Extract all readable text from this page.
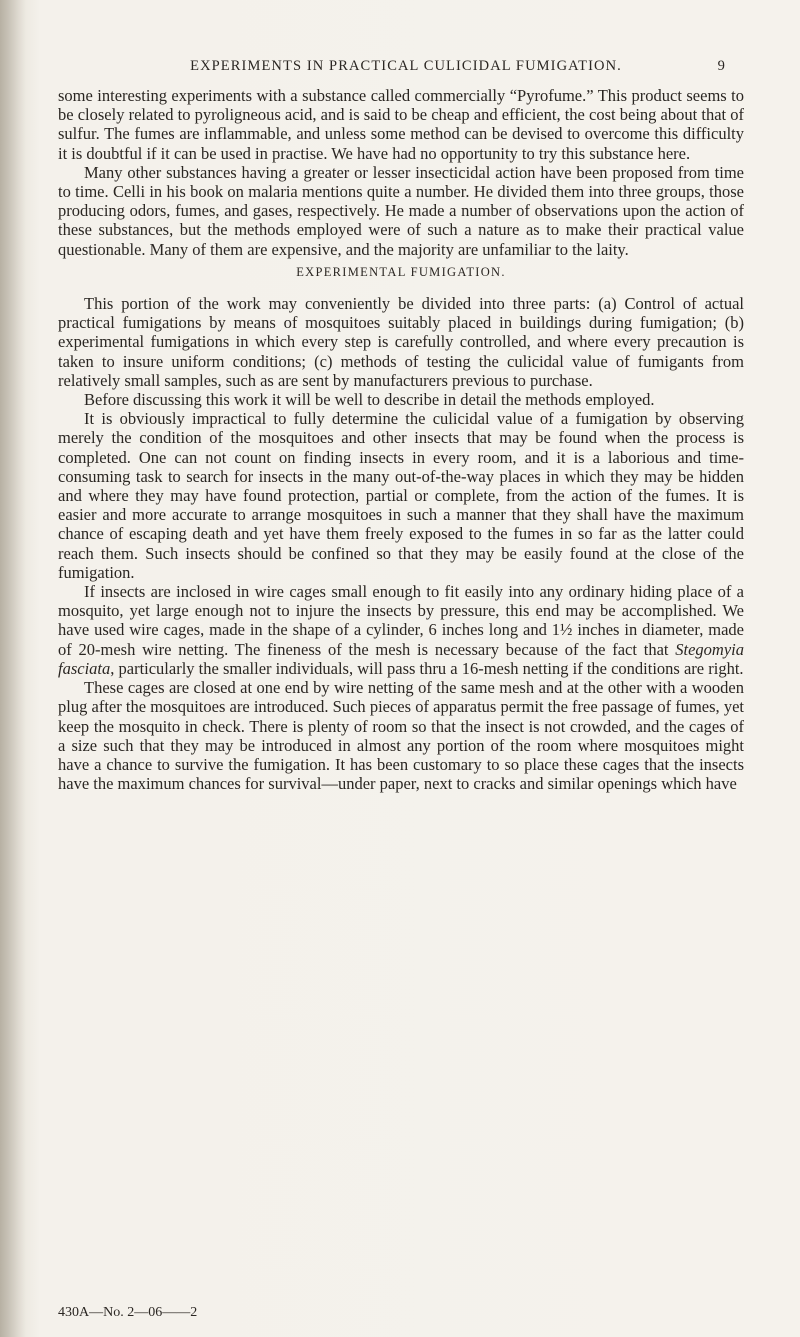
EXPERIMENTS IN PRACTICAL CULICIDAL FUMIGATION.	9

some interesting experiments with a substance called commercially “Pyrofume.” This product seems to be closely related to pyroligneous acid, and is said to be cheap and efficient, the cost being about that of sulfur. The fumes are inflammable, and unless some method can be devised to overcome this difficulty it is doubtful if it can be used in practise. We have had no opportunity to try this substance here.

Many other substances having a greater or lesser insecticidal action have been proposed from time to time. Celli in his book on malaria mentions quite a number. He divided them into three groups, those producing odors, fumes, and gases, respectively. He made a number of observations upon the action of these substances, but the methods employed were of such a nature as to make their practical value questionable. Many of them are expensive, and the majority are unfamiliar to the laity.

EXPERIMENTAL FUMIGATION.

This portion of the work may conveniently be divided into three parts: (a) Control of actual practical fumigations by means of mosquitoes suitably placed in buildings during fumigation; (b) experimental fumigations in which every step is carefully controlled, and where every precaution is taken to insure uniform conditions; (c) methods of testing the culicidal value of fumigants from relatively small samples, such as are sent by manufacturers previous to purchase.

Before discussing this work it will be well to describe in detail the methods employed.

It is obviously impractical to fully determine the culicidal value of a fumigation by observing merely the condition of the mosquitoes and other insects that may be found when the process is completed. One can not count on finding insects in every room, and it is a laborious and time-consuming task to search for insects in the many out-of-the-way places in which they may be hidden and where they may have found protection, partial or complete, from the action of the fumes. It is easier and more accurate to arrange mosquitoes in such a manner that they shall have the maximum chance of escaping death and yet have them freely exposed to the fumes in so far as the latter could reach them. Such insects should be confined so that they may be easily found at the close of the fumigation.

If insects are inclosed in wire cages small enough to fit easily into any ordinary hiding place of a mosquito, yet large enough not to injure the insects by pressure, this end may be accomplished. We have used wire cages, made in the shape of a cylinder, 6 inches long and 1½ inches in diameter, made of 20-mesh wire netting. The fineness of the mesh is necessary because of the fact that Stegomyia fasciata, particularly the smaller individuals, will pass thru a 16-mesh netting if the conditions are right.

These cages are closed at one end by wire netting of the same mesh and at the other with a wooden plug after the mosquitoes are introduced. Such pieces of apparatus permit the free passage of fumes, yet keep the mosquito in check. There is plenty of room so that the insect is not crowded, and the cages of a size such that they may be introduced in almost any portion of the room where mosquitoes might have a chance to survive the fumigation. It has been customary to so place these cages that the insects have the maximum chances for survival—under paper, next to cracks and similar openings which have

430A—No. 2—06——2
